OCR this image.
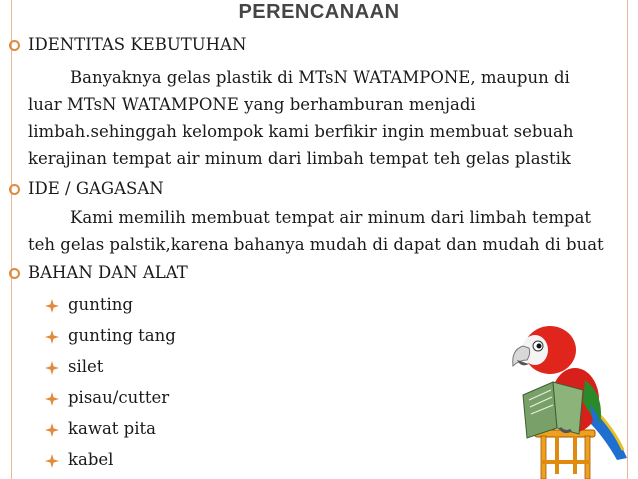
PERENCANAAN
IDENTITAS KEBUTUHAN
Banyaknya gelas plastik di MTsN WATAMPONE, maupun di
luar MTsN WATAMPONE yang berhamburan menjadi
limbah.sehinggah kelompok kami berfikir ingin membuat sebuah
kerajinan tempat air minum dari limbah tempat teh gelas plastik
IDE / GAGASAN
Kami memilih membuat tempat air minum dari limbah tempat
teh gelas palstik,karena bahanya mudah di dapat dan mudah di buat
BAHAN DAN ALAT
gunting
gunting tang
silet
pisau/cutter
kawat pita
kabel
